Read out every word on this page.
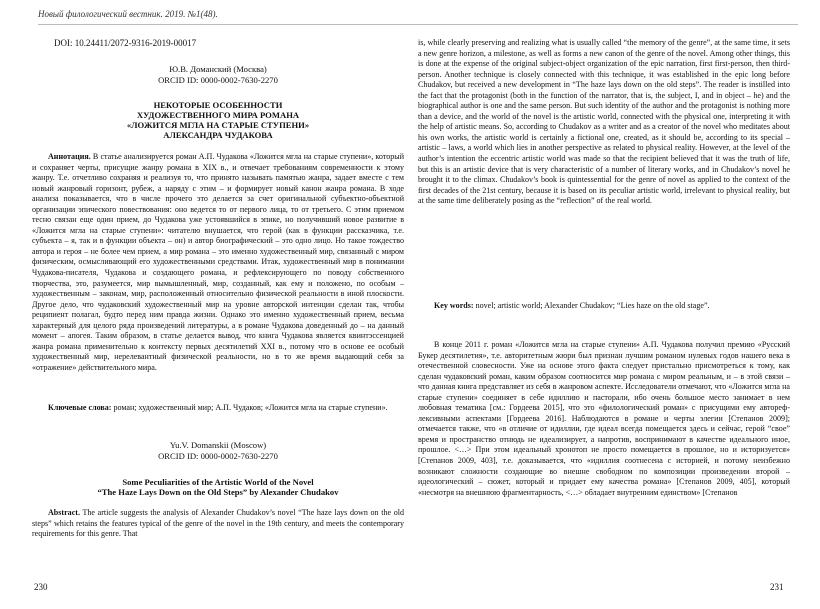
Новый филологический вестник. 2019. №1(48).
DOI: 10.24411/2072-9316-2019-00017
Ю.В. Доманский (Москва)
ORCID ID: 0000-0002-7630-2270
НЕКОТОРЫЕ ОСОБЕННОСТИ
ХУДОЖЕСТВЕННОГО МИРА РОМАНА
«ЛОЖИТСЯ МГЛА НА СТАРЫЕ СТУПЕНИ»
АЛЕКСАНДРА ЧУДАКОВА
Аннотация. В статье анализируется роман А.П. Чудакова «Ложится мгла на старые ступени», который и сохраняет черты, присущие жанру романа в XIX в., и отвечает требованиям современности к этому жанру. Т.е. отчетливо сохраняя и реализуя то, что принято называть памятью жанра, задает вместе с тем новый жанровый горизонт, рубеж, а наряду с этим – и формирует новый канон жанра романа. В ходе анализа показывается, что в числе прочего это делается за счет оригинальной субъектно-объектной организации эпического повествования: оно ведется то от первого лица, то от третьего. С этим приемом тесно связан еще один прием, до Чудакова уже устоявшийся в эпике, но получивший новое развитие в «Ложится мгла на старые ступени»: читателю внушается, что герой (как в функции рассказчика, т.е. субъекта – я, так и в функции объекта – он) и автор биографический – это одно лицо. Но такое тождество автора и героя – не более чем прием, а мир романа – это именно художественный мир, связанный с миром физическим, осмысливающий его художественными средствами. Итак, художественный мир в понимании Чудакова-писателя, Чудакова и создающего романа, и рефлексирующего по поводу собственного творчества, это, разумеется, мир вымышленный, мир, созданный, как ему и положено, по особым – художественным – законам, мир, расположенный относительно физической реальности в иной плоскости. Другое дело, что чудаковский художественный мир на уровне авторской интенции сделан так, чтобы реципиент полагал, будто перед ним правда жизни. Однако это именно художественный прием, весьма характерный для целого ряда произведений литературы, а в романе Чудакова доведенный до – на данный момент – апогея. Таким образом, в статье делается вывод, что книга Чудакова является квинтэссенцией жанра романа применительно к контексту первых десятилетий XXI в., потому что в основе ее особый художественный мир, нерелевантный физической реальности, но в то же время выдающий себя за «отражение» действительного мира.
Ключевые слова: роман; художественный мир; А.П. Чудаков; «Ложится мгла на старые ступени».
Yu.V. Domanskii (Moscow)
ORCID ID: 0000-0002-7630-2270
Some Peculiarities of the Artistic World of the Novel
“The Haze Lays Down on the Old Steps” by Alexander Chudakov
Abstract. The article suggests the analysis of Alexander Chudakov’s novel “The haze lays down on the old steps” which retains the features typical of the genre of the novel in the 19th century, and meets the contemporary requirements for this genre. That
230
is, while clearly preserving and realizing what is usually called “the memory of the genre”, at the same time, it sets a new genre horizon, a milestone, as well as forms a new canon of the genre of the novel. Among other things, this is done at the expense of the original subject-object organization of the epic narration, first first-person, then third-person. Another technique is closely connected with this technique, it was established in the epic long before Chudakov, but received a new development in “The haze lays down on the old steps”. The reader is instilled into the fact that the protagonist (both in the function of the narrator, that is, the subject, I, and in object – he) and the biographical author is one and the same person. But such identity of the author and the protagonist is nothing more than a device, and the world of the novel is the artistic world, connected with the physical one, interpreting it with the help of artistic means. So, according to Chudakov as a writer and as a creator of the novel who meditates about his own works, the artistic world is certainly a fictional one, created, as it should be, according to its special – artistic – laws, a world which lies in another perspective as related to physical reality. However, at the level of the author’s intention the eccentric artistic world was made so that the recipient believed that it was the truth of life, but this is an artistic device that is very characteristic of a number of literary works, and in Chudakov’s novel he brought it to the climax. Chudakov’s book is quintessential for the genre of novel as applied to the context of the first decades of the 21st century, because it is based on its peculiar artistic world, irrelevant to physical reality, but at the same time deliberately posing as the “reflection” of the real world.
Key words: novel; artistic world; Alexander Chudakov; “Lies haze on the old stage”.
В конце 2011 г. роман «Ложится мгла на старые ступени» А.П. Чудакова получил премию «Русский Букер десятилетия», т.е. авторитетным жюри был признан лучшим романом нулевых годов нашего века в отечественной словесности. Уже на основе этого факта следует пристально присмотреться к тому, как сделан чудаковский роман, каким образом соотносится мир романа с миром реальным, и – в этой связи – что данная книга представляет из себя в жанровом аспекте. Исследователи отмечают, что «Ложится мгла на старые ступени» соединяет в себе идиллию и пасторали, ибо очень большое место занимает в нем любовная тематика [см.: Гордеева 2015], что это «филологический роман» с присущими ему авторефлексивными аспектами [Гордеева 2016]. Наблюдаются в романе и черты элегии [Степанов 2009]; отмечается также, что «в отличие от идиллии, где идеал всегда помещается здесь и сейчас, герой “свое” время и пространство отнюдь не идеализирует, а напротив, воспринимают в качестве идеального иное, прошлое. <…> При этом идеальный хронотоп не просто помещается в прошлое, но и историзуется» [Степанов 2009, 403], т.е. доказывается, что «идиллия соотнесена с историей, и потому неизбежно возникают сложности создающие во внешне свободном по композиции произведении второй – идеологический – сюжет, который и придает ему качества романа» [Степанов 2009, 405], который «несмотря на внешнюю фрагментарность, <…> обладает внутренним единством» [Степанов
231
